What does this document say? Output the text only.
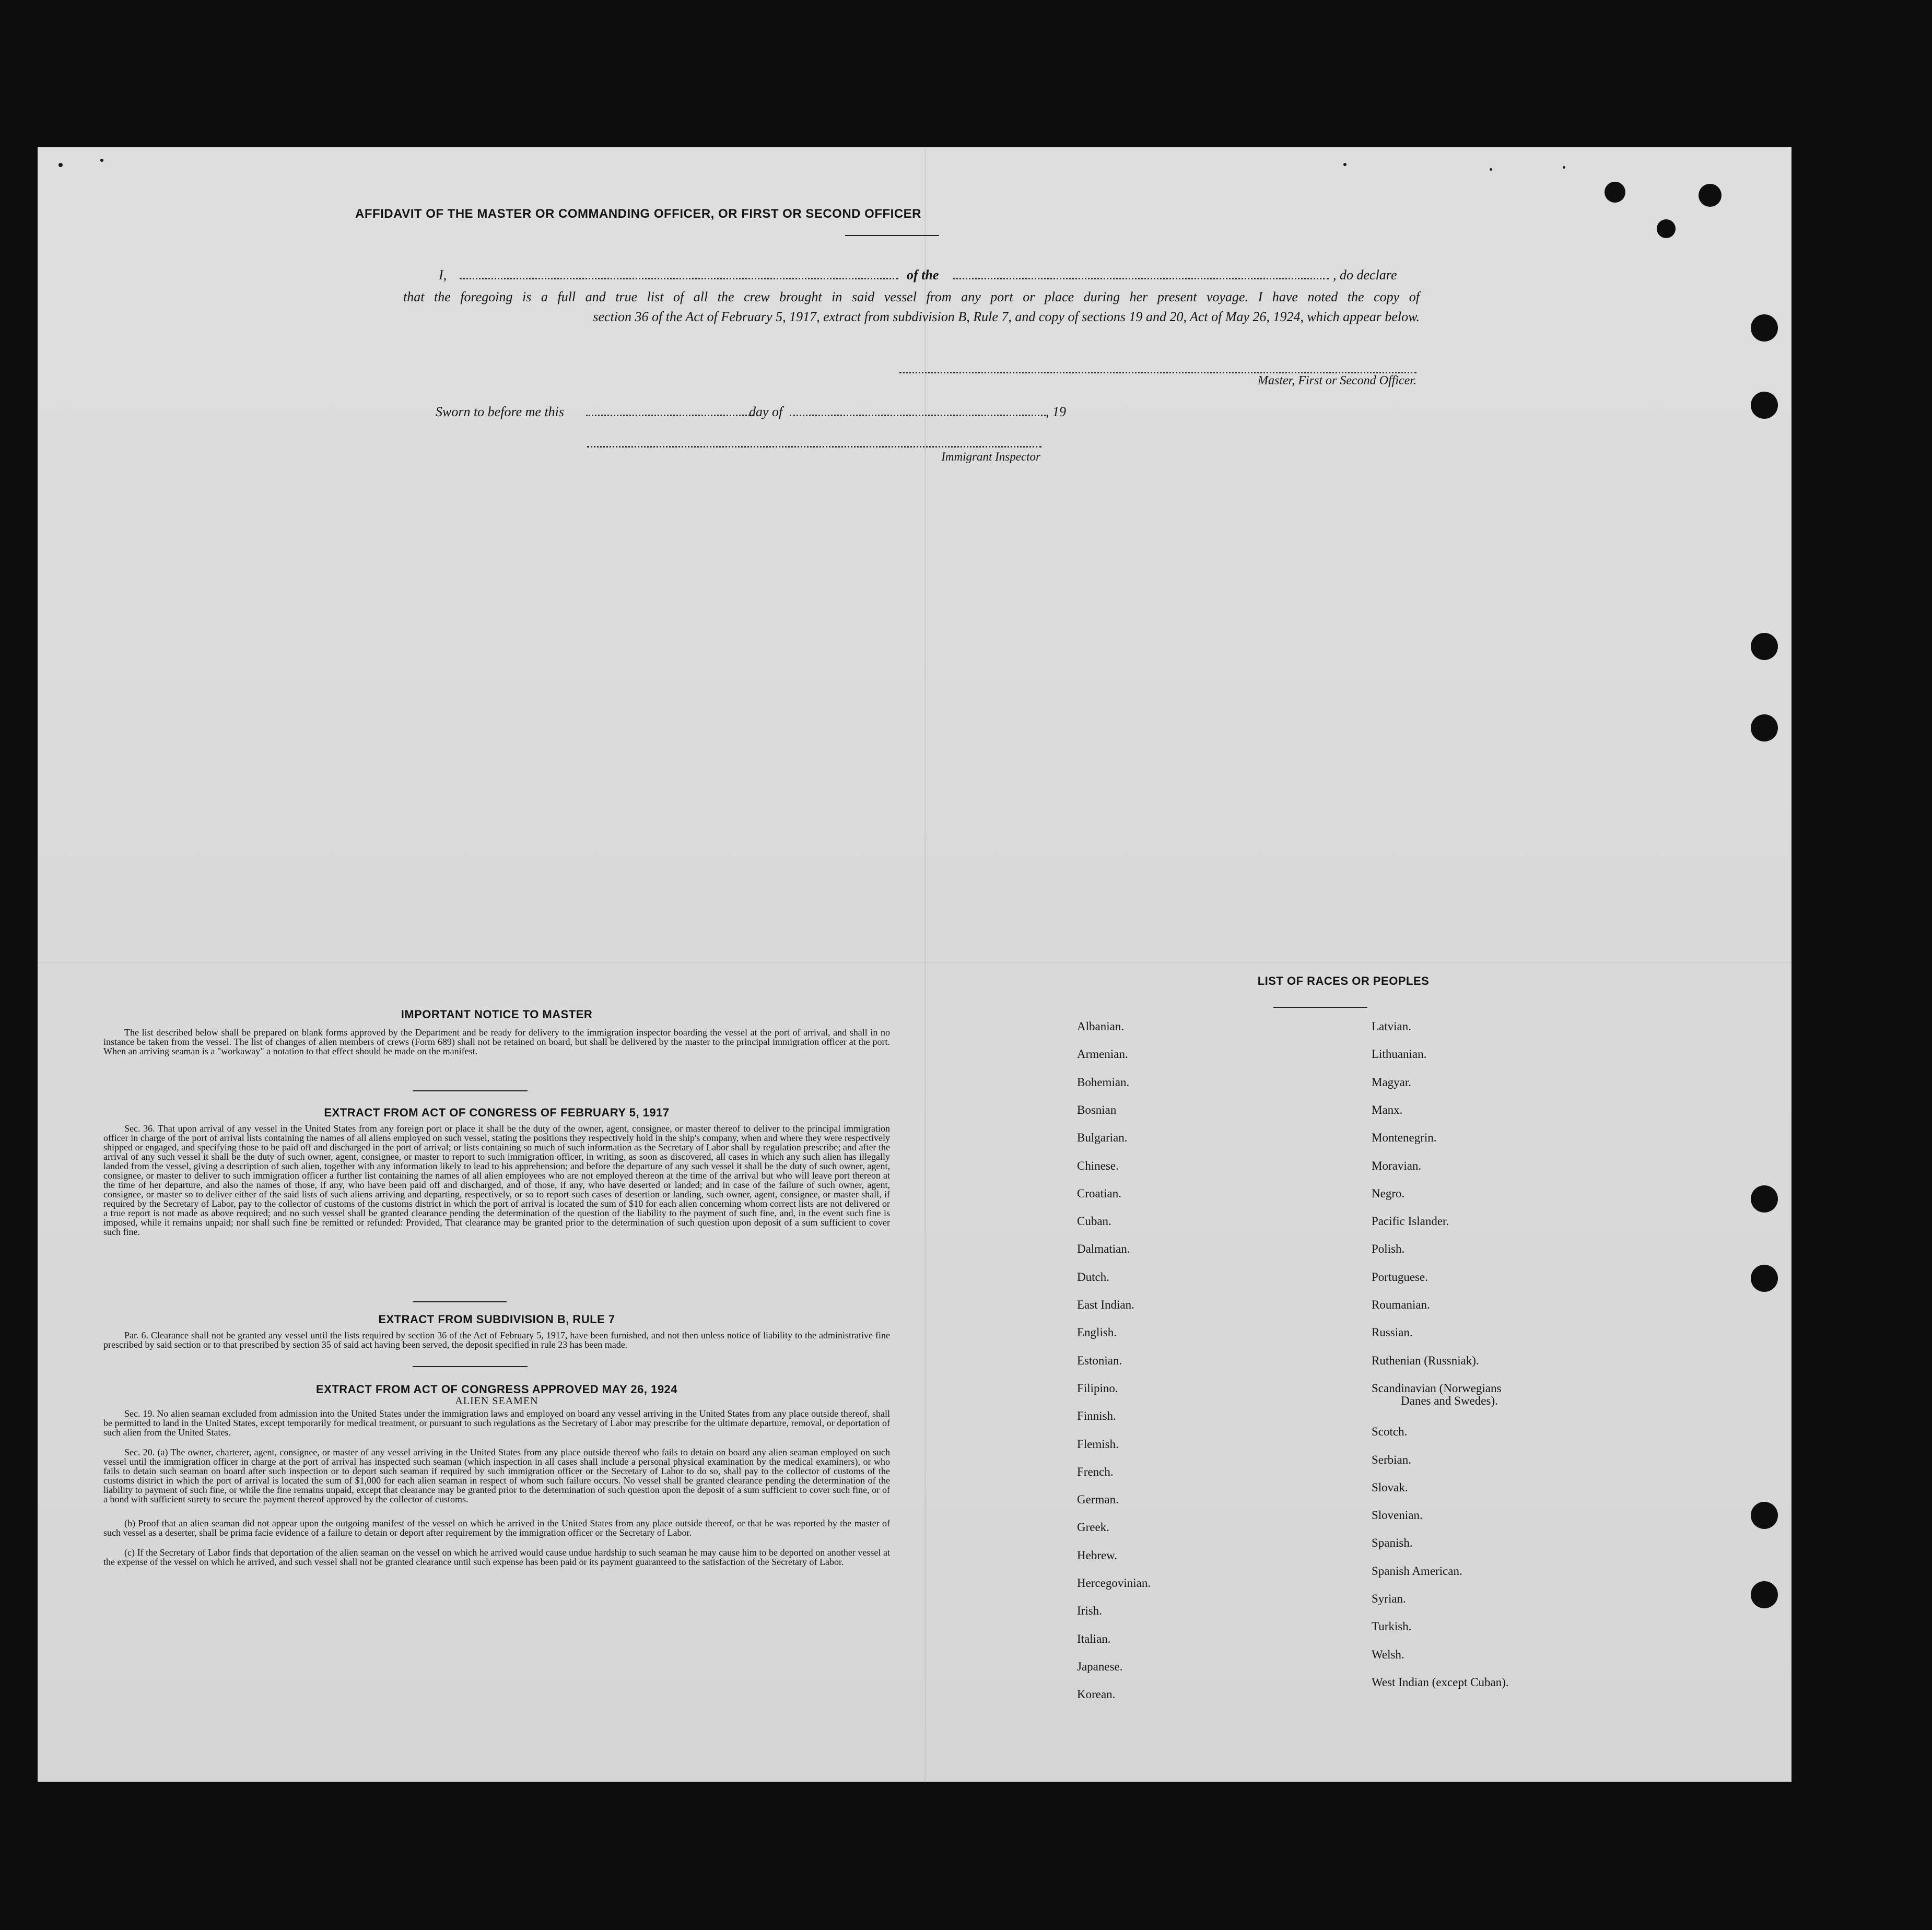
AFFIDAVIT OF THE MASTER OR COMMANDING OFFICER, OR FIRST OR SECOND OFFICER
I,	of the	, do declare
that the foregoing is a full and true list of all the crew brought in said vessel from any port or place during her present voyage. I have noted the copy of
section 36 of the Act of February 5, 1917, extract from subdivision B, Rule 7, and copy of sections 19 and 20, Act of May 26, 1924, which appear below.
Master, First or Second Officer.
Sworn to before me this	day of	, 19
Immigrant Inspector
IMPORTANT NOTICE TO MASTER
The list described below shall be prepared on blank forms approved by the Department and be ready for delivery to the immigration inspector boarding the vessel at the port of arrival, and shall in no instance be taken from the vessel. The list of changes of alien members of crews (Form 689) shall not be retained on board, but shall be delivered by the master to the principal immigration officer at the port. When an arriving seaman is a "workaway" a notation to that effect should be made on the manifest.
EXTRACT FROM ACT OF CONGRESS OF FEBRUARY 5, 1917
Sec. 36. That upon arrival of any vessel in the United States from any foreign port or place it shall be the duty of the owner, agent, consignee, or master thereof to deliver to the principal immigration officer in charge of the port of arrival lists containing the names of all aliens employed on such vessel, stating the positions they respectively hold in the ship's company, when and where they were respectively shipped or engaged, and specifying those to be paid off and discharged in the port of arrival; or lists containing so much of such information as the Secretary of Labor shall by regulation prescribe; and after the arrival of any such vessel it shall be the duty of such owner, agent, consignee, or master to report to such immigration officer, in writing, as soon as discovered, all cases in which any such alien has illegally landed from the vessel, giving a description of such alien, together with any information likely to lead to his apprehension; and before the departure of any such vessel it shall be the duty of such owner, agent, consignee, or master to deliver to such immigration officer a further list containing the names of all alien employees who are not employed thereon at the time of the arrival but who will leave port thereon at the time of her departure, and also the names of those, if any, who have been paid off and discharged, and of those, if any, who have deserted or landed; and in case of the failure of such owner, agent, consignee, or master so to deliver either of the said lists of such aliens arriving and departing, respectively, or so to report such cases of desertion or landing, such owner, agent, consignee, or master shall, if required by the Secretary of Labor, pay to the collector of customs of the customs district in which the port of arrival is located the sum of $10 for each alien concerning whom correct lists are not delivered or a true report is not made as above required; and no such vessel shall be granted clearance pending the determination of the question of the liability to the payment of such fine, and, in the event such fine is imposed, while it remains unpaid; nor shall such fine be remitted or refunded: Provided, That clearance may be granted prior to the determination of such question upon deposit of a sum sufficient to cover such fine.
EXTRACT FROM SUBDIVISION B, RULE 7
Par. 6. Clearance shall not be granted any vessel until the lists required by section 36 of the Act of February 5, 1917, have been furnished, and not then unless notice of liability to the administrative fine prescribed by said section or to that prescribed by section 35 of said act having been served, the deposit specified in rule 23 has been made.
EXTRACT FROM ACT OF CONGRESS APPROVED MAY 26, 1924
ALIEN SEAMEN
Sec. 19. No alien seaman excluded from admission into the United States under the immigration laws and employed on board any vessel arriving in the United States from any place outside thereof, shall be permitted to land in the United States, except temporarily for medical treatment, or pursuant to such regulations as the Secretary of Labor may prescribe for the ultimate departure, removal, or deportation of such alien from the United States.
Sec. 20. (a) The owner, charterer, agent, consignee, or master of any vessel arriving in the United States from any place outside thereof who fails to detain on board any alien seaman employed on such vessel until the immigration officer in charge at the port of arrival has inspected such seaman (which inspection in all cases shall include a personal physical examination by the medical examiners), or who fails to detain such seaman on board after such inspection or to deport such seaman if required by such immigration officer or the Secretary of Labor to do so, shall pay to the collector of customs of the customs district in which the port of arrival is located the sum of $1,000 for each alien seaman in respect of whom such failure occurs. No vessel shall be granted clearance pending the determination of the liability to payment of such fine, or while the fine remains unpaid, except that clearance may be granted prior to the determination of such question upon the deposit of a sum sufficient to cover such fine, or of a bond with sufficient surety to secure the payment thereof approved by the collector of customs.
(b) Proof that an alien seaman did not appear upon the outgoing manifest of the vessel on which he arrived in the United States from any place outside thereof, or that he was reported by the master of such vessel as a deserter, shall be prima facie evidence of a failure to detain or deport after requirement by the immigration officer or the Secretary of Labor.
(c) If the Secretary of Labor finds that deportation of the alien seaman on the vessel on which he arrived would cause undue hardship to such seaman he may cause him to be deported on another vessel at the expense of the vessel on which he arrived, and such vessel shall not be granted clearance until such expense has been paid or its payment guaranteed to the satisfaction of the Secretary of Labor.
LIST OF RACES OR PEOPLES
Albanian.
Armenian.
Bohemian.
Bosnian
Bulgarian.
Chinese.
Croatian.
Cuban.
Dalmatian.
Dutch.
East Indian.
English.
Estonian.
Filipino.
Finnish.
Flemish.
French.
German.
Greek.
Hebrew.
Hercegovinian.
Irish.
Italian.
Japanese.
Korean.
Latvian.
Lithuanian.
Magyar.
Manx.
Montenegrin.
Moravian.
Negro.
Pacific Islander.
Polish.
Portuguese.
Roumanian.
Russian.
Ruthenian (Russniak).
Scandinavian (Norwegians
Danes and Swedes).
Scotch.
Serbian.
Slovak.
Slovenian.
Spanish.
Spanish American.
Syrian.
Turkish.
Welsh.
West Indian (except Cuban).
